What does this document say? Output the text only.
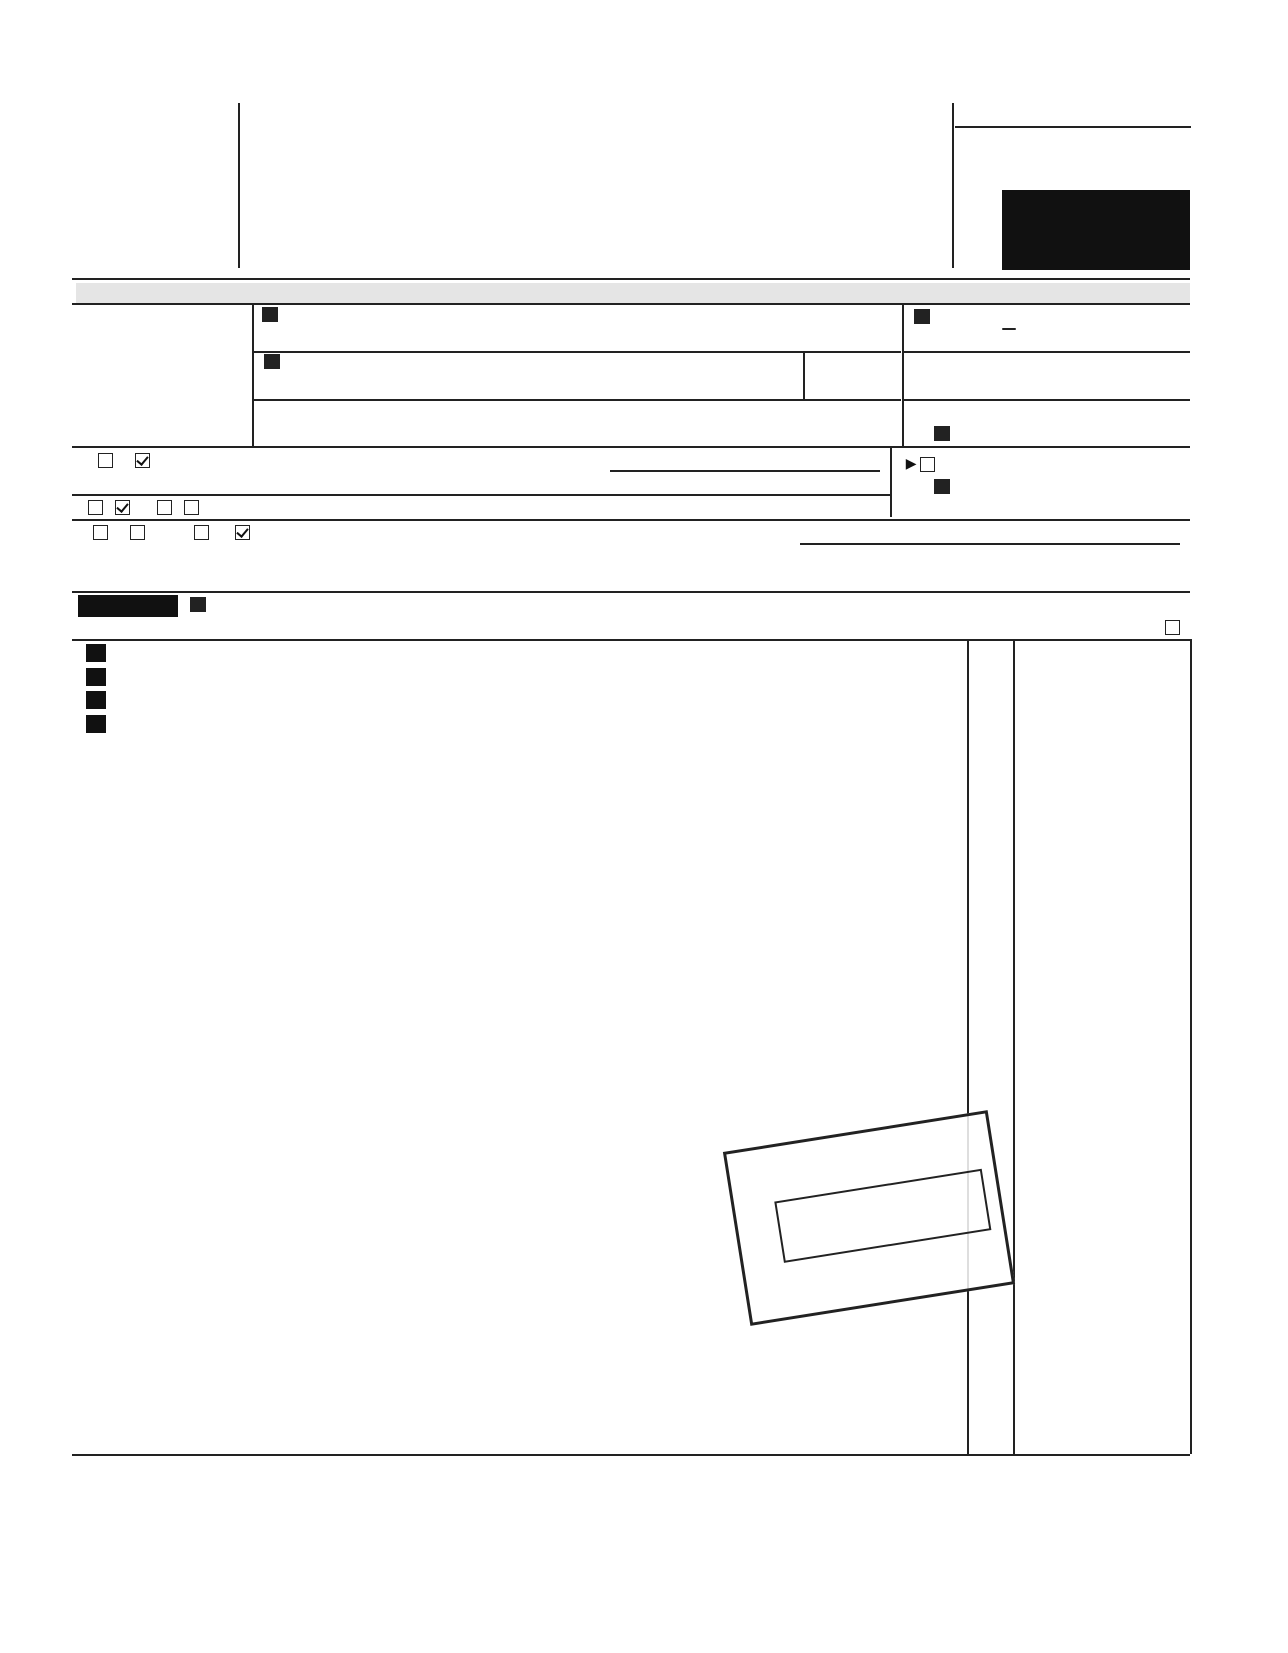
▶
